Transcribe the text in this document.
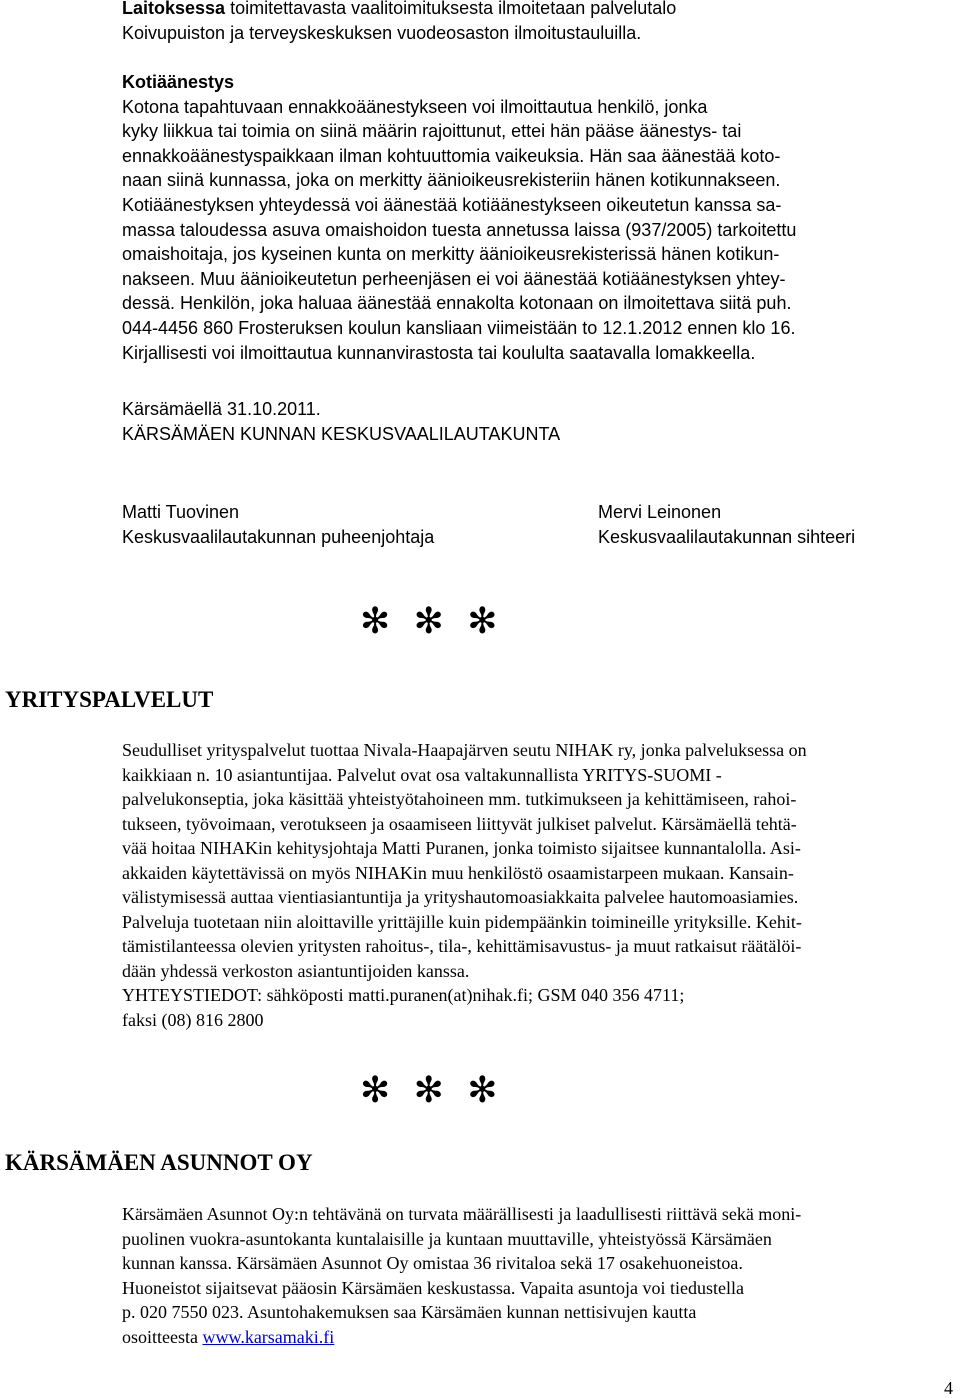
Laitoksessa toimitettavasta vaalitoimituksesta ilmoitetaan palvelutalo
Koivupuiston ja terveyskeskuksen vuodeosaston ilmoitustauluilla.
Kotiäänestys
Kotona tapahtuvaan ennakkoäänestykseen voi ilmoittautua henkilö, jonka
kyky liikkua tai toimia on siinä määrin rajoittunut, ettei hän pääse äänestys- tai
ennakkoäänestyspaikkaan ilman kohtuuttomia vaikeuksia. Hän saa äänestää koto-
naan siinä kunnassa, joka on merkitty äänioikeusrekisteriin hänen kotikunnakseen.
Kotiäänestyksen yhteydessä voi äänestää kotiäänestykseen oikeutetun kanssa sa-
massa taloudessa asuva omaishoidon tuesta annetussa laissa (937/2005) tarkoitettu
omaishoitaja, jos kyseinen kunta on merkitty äänioikeusrekisterissä hänen kotikun-
nakseen. Muu äänioikeutetun perheenjäsen ei voi äänestää kotiäänestyksen yhtey-
dessä. Henkilön, joka haluaa äänestää ennakolta kotonaan on ilmoitettava siitä puh.
044-4456 860 Frosteruksen koulun kansliaan viimeistään to 12.1.2012 ennen klo 16.
Kirjallisesti voi ilmoittautua kunnanvirastosta tai koululta saatavalla lomakkeella.
Kärsämäellä 31.10.2011.
KÄRSÄMÄEN KUNNAN KESKUSVAALILAUTAKUNTA
Matti Tuovinen
Keskusvaalilautakunnan puheenjohtaja
Mervi Leinonen
Keskusvaalilautakunnan sihteeri
✻ ✻ ✻
YRITYSPALVELUT
Seudulliset yrityspalvelut tuottaa Nivala-Haapajärven seutu NIHAK ry, jonka palveluksessa on
kaikkiaan n. 10 asiantuntijaa. Palvelut ovat osa valtakunnallista YRITYS-SUOMI -
palvelukonseptia, joka käsittää yhteistyötahoineen mm. tutkimukseen ja kehittämiseen, rahoi-
tukseen, työvoimaan, verotukseen ja osaamiseen liittyvät julkiset palvelut. Kärsämäellä tehtä-
vää hoitaa NIHAKin kehitysjohtaja Matti Puranen, jonka toimisto sijaitsee kunnantalolla. Asi-
akkaiden käytettävissä on myös NIHAKin muu henkilöstö osaamistarpeen mukaan. Kansain-
välistymisessä auttaa vientiasiantuntija ja yrityshautomoasiakkaita palvelee hautomoasiamies.
Palveluja tuotetaan niin aloittaville yrittäjille kuin pidempäänkin toimineille yrityksille. Kehit-
tämistilanteessa olevien yritysten rahoitus-, tila-, kehittämisavustus- ja muut ratkaisut räätälöi-
dään yhdessä verkoston asiantuntijoiden kanssa.
YHTEYSTIEDOT: sähköposti matti.puranen(at)nihak.fi; GSM 040 356 4711;
faksi (08) 816 2800
✻ ✻ ✻
KÄRSÄMÄEN ASUNNOT OY
Kärsämäen Asunnot Oy:n tehtävänä on turvata määrällisesti ja laadullisesti riittävä sekä moni-
puolinen vuokra-asuntokanta kuntalaisille ja kuntaan muuttaville, yhteistyössä Kärsämäen
kunnan kanssa. Kärsämäen Asunnot Oy omistaa 36 rivitaloa sekä 17 osakehuoneistoa.
Huoneistot sijaitsevat pääosin Kärsämäen keskustassa. Vapaita asuntoja voi tiedustella
p. 020 7550 023. Asuntohakemuksen saa Kärsämäen kunnan nettisivujen kautta
osoitteesta www.karsamaki.fi
4
